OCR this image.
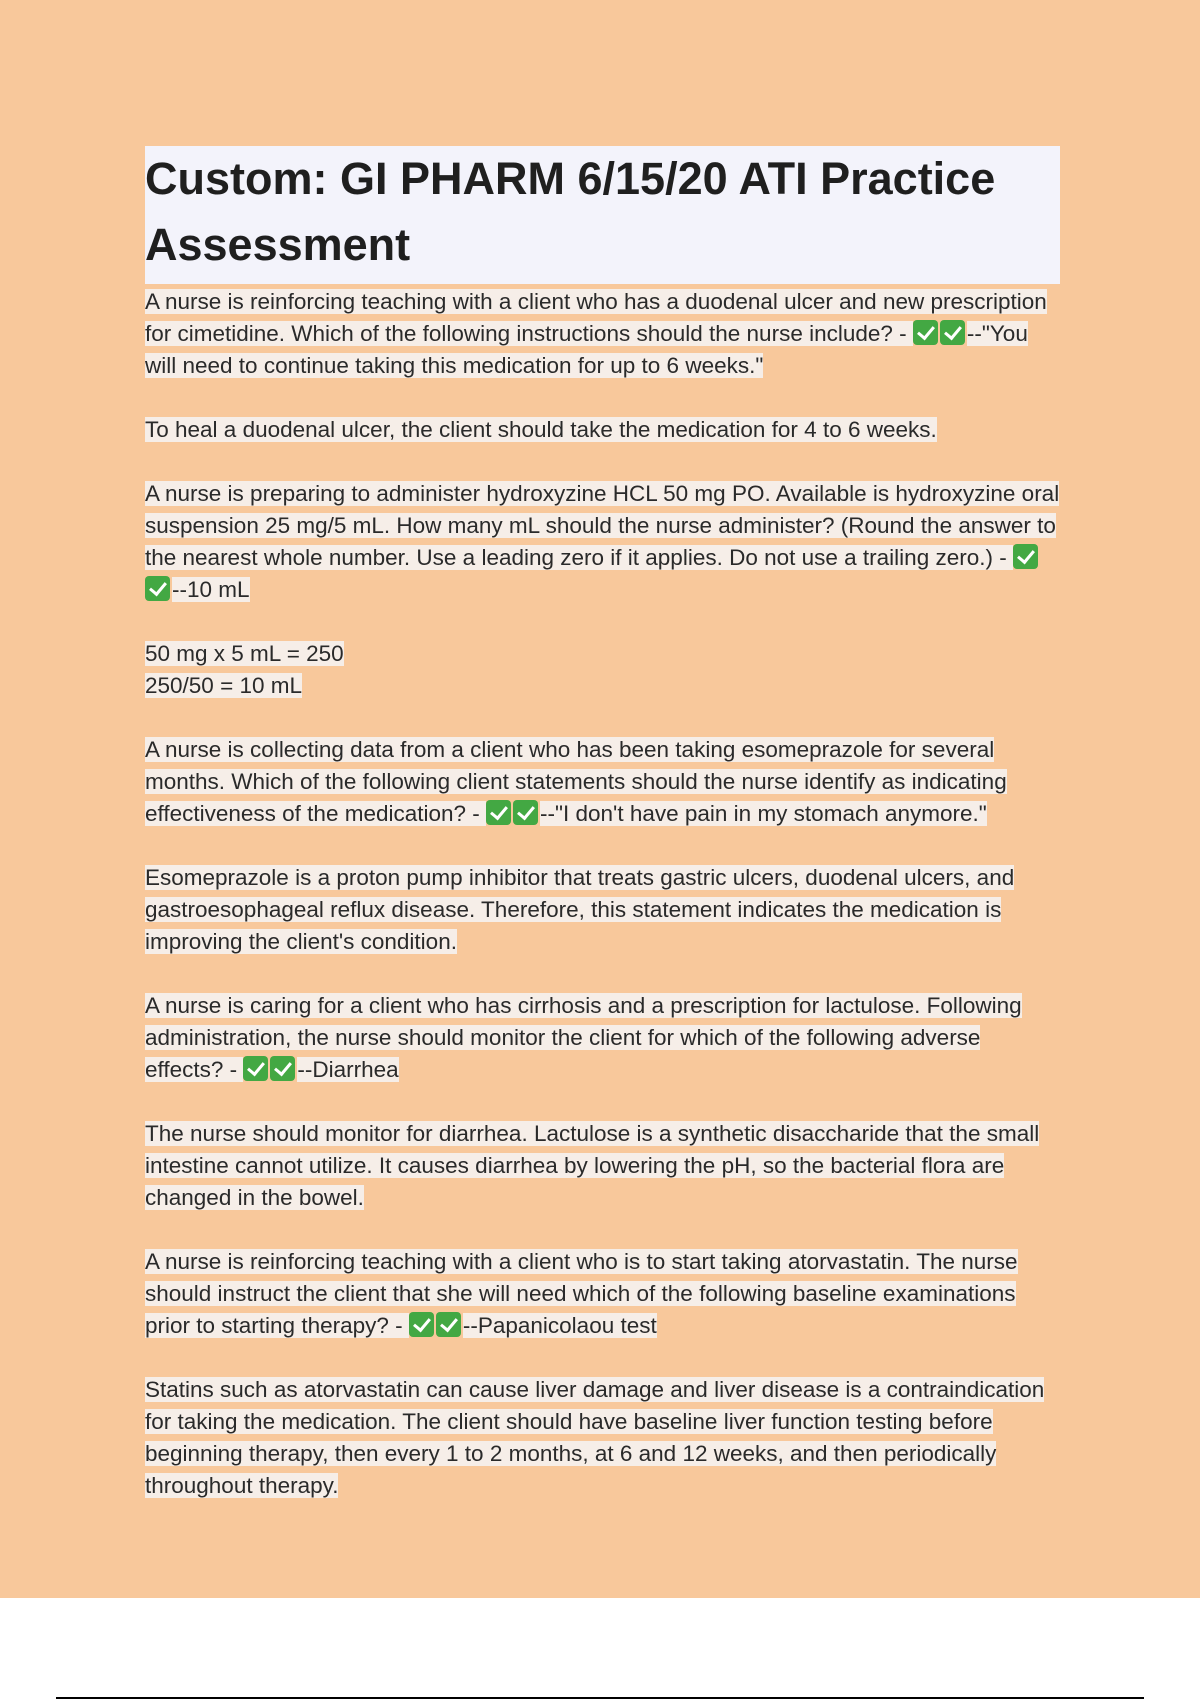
Custom: GI PHARM 6/15/20 ATI Practice Assessment

A nurse is reinforcing teaching with a client who has a duodenal ulcer and new prescription for cimetidine. Which of the following instructions should the nurse include? - --"You will need to continue taking this medication for up to 6 weeks."

To heal a duodenal ulcer, the client should take the medication for 4 to 6 weeks.

A nurse is preparing to administer hydroxyzine HCL 50 mg PO. Available is hydroxyzine oral suspension 25 mg/5 mL. How many mL should the nurse administer? (Round the answer to the nearest whole number. Use a leading zero if it applies. Do not use a trailing zero.) - --10 mL

50 mg x 5 mL = 250
250/50 = 10 mL

A nurse is collecting data from a client who has been taking esomeprazole for several months. Which of the following client statements should the nurse identify as indicating effectiveness of the medication? - --"I don't have pain in my stomach anymore."

Esomeprazole is a proton pump inhibitor that treats gastric ulcers, duodenal ulcers, and gastroesophageal reflux disease. Therefore, this statement indicates the medication is improving the client's condition.

A nurse is caring for a client who has cirrhosis and a prescription for lactulose. Following administration, the nurse should monitor the client for which of the following adverse effects? - --Diarrhea

The nurse should monitor for diarrhea. Lactulose is a synthetic disaccharide that the small intestine cannot utilize. It causes diarrhea by lowering the pH, so the bacterial flora are changed in the bowel.

A nurse is reinforcing teaching with a client who is to start taking atorvastatin. The nurse should instruct the client that she will need which of the following baseline examinations prior to starting therapy? - --Papanicolaou test

Statins such as atorvastatin can cause liver damage and liver disease is a contraindication for taking the medication. The client should have baseline liver function testing before beginning therapy, then every 1 to 2 months, at 6 and 12 weeks, and then periodically throughout therapy.
